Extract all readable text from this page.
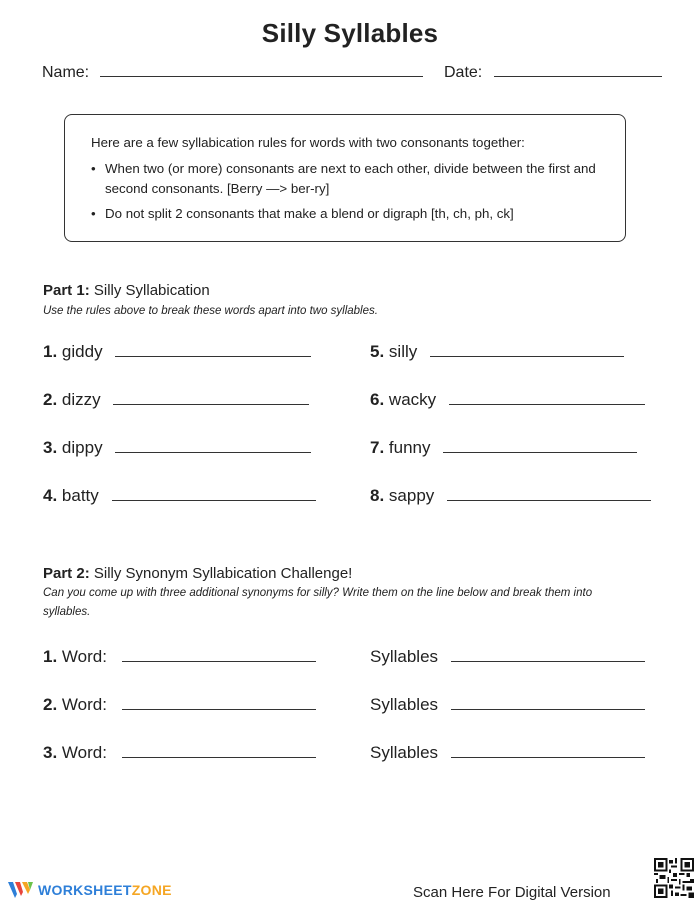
Silly Syllables
Name:	Date:

Here are a few syllabication rules for words with two consonants together:

• When two (or more) consonants are next to each other, divide between the first and second consonants. [Berry —> ber-ry]
• Do not split 2 consonants that make a blend or digraph [th, ch, ph, ck]
Part 1: Silly Syllabication
Use the rules above to break these words apart into two syllables.
1. giddy
2. dizzy
3. dippy
4. batty
5. silly
6. wacky
7. funny
8. sappy
Part 2: Silly Synonym Syllabication Challenge!
Can you come up with three additional synonyms for silly? Write them on the line below and break them into syllables.
1. Word:	Syllables
2. Word:	Syllables
3. Word:	Syllables
WORKSHEETZONE	Scan Here For Digital Version
